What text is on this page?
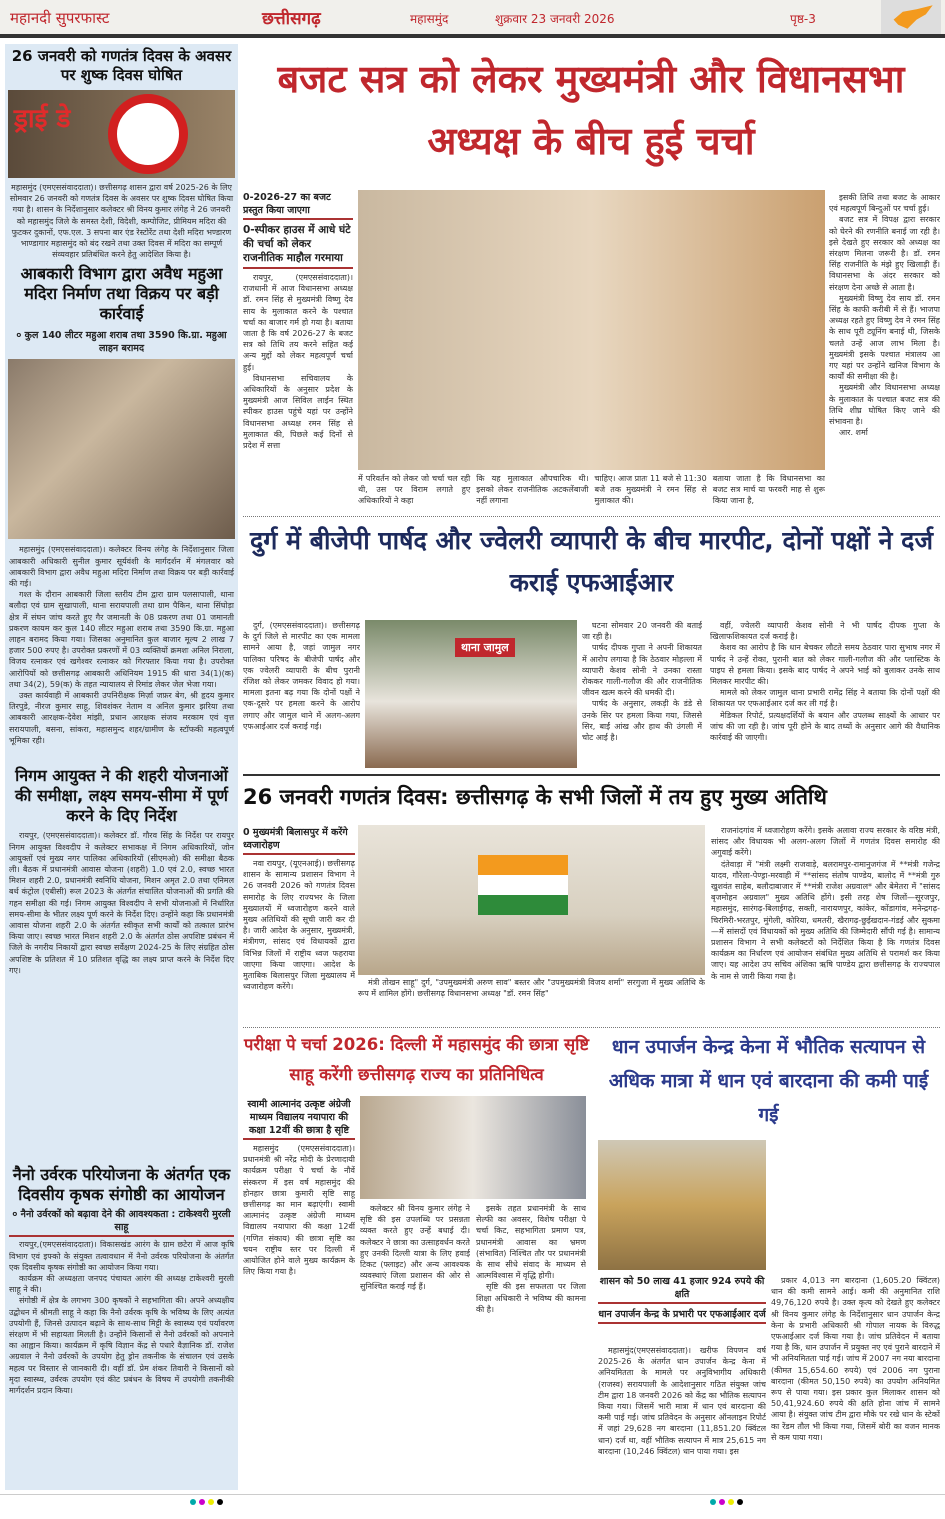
महानदी सुपरफास्ट	छत्तीसगढ़	महासमुंद	शुक्रवार 23 जनवरी 2026	पृष्ठ-3
26 जनवरी को गणतंत्र दिवस के अवसर पर शुष्क दिवस घोषित
ड्राई डे
महासमुंद (एमएससंवाददाता)। छत्तीसगढ़ शासन द्वारा वर्ष 2025-26 के लिए सोमवार 26 जनवरी को गणतंत्र दिवस के अवसर पर शुष्क दिवस घोषित किया गया है। शासन के निर्देशानुसार कलेक्टर श्री विनय कुमार लंगेह ने 26 जनवरी को महासमुंद जिले के समस्त देशी, विदेशी, कम्पोजिट, प्रीमियम मदिरा की फुटकर दुकानों, एफ.एल. 3 सपना बार एंड रेस्टोरेंट तथा देशी मदिरा भण्डारण भाण्डागार महासमुंद को बंद रखने तथा उक्त दिवस में मदिरा का सम्पूर्ण संव्यवहार प्रतिबंधित करने हेतु आदेशित किया है।
आबकारी विभाग द्वारा अवैध महुआ मदिरा निर्माण तथा विक्रय पर बड़ी कार्रवाई
० कुल 140 लीटर महुआ शराब तथा 3590 कि.ग्रा. महुआ लाहन बरामद

महासमुंद (एमएससंवाददाता)। कलेक्टर विनय लंगेह के निर्देशानुसार जिला आबकारी अधिकारी सुनील कुमार सूर्यवंशी के मार्गदर्शन में मंगलवार को आबकारी विभाग द्वारा अवैध महुआ मदिरा निर्माण तथा विक्रय पर बड़ी कार्रवाई की गई।

गश्त के दौरान आबकारी जिला स्तरीय टीम द्वारा ग्राम पलसापाली, थाना बलौदा एवं ग्राम सुखापाली, थाना सरायपाली तथा ग्राम पैकिन, थाना सिंघोड़ा क्षेत्र में संघन जांच करते हुए गैर जमानती के 08 प्रकरण तथा 01 जमानती प्रकरण कायम कर कुल 140 लीटर महुआ शराब तथा 3590 कि.ग्रा. महुआ लाहन बरामद किया गया। जिसका अनुमानित कुल बाजार मूल्य 2 लाख 7 हजार 500 रुपए है। उपरोक्त प्रकरणों में 03 व्यक्तियों क्रमशः अनिल निराला, विजय रत्नाकर एवं खगेश्वर रत्नाकर को गिरफ्तार किया गया है। उपरोक्त आरोपियों को छत्तीसगढ़ आबकारी अधिनियम 1915 की धारा 34(1)(क) तथा 34(2), 59(क) के तहत न्यायालय से रिमांड लेकर जेल भेजा गया।

उक्त कार्यवाही में आबकारी उपनिरीक्षक मिर्ज़ा जफ़र बेग, श्री हृदय कुमार तिरपुडे, नीरज कुमार साहू, शिवशंकर नेताम व अनिल कुमार झरिया तथा आबकारी आरक्षक-देवेश मांझी, प्रधान आरक्षक संजय मरकाम एवं वृत्त सरायपाली, बसना, सांकरा, महासमुन्द शहर/ग्रामीण के स्टॉफकी महत्वपूर्ण भूमिका रही।

निगम आयुक्त ने की शहरी योजनाओं की समीक्षा, लक्ष्य समय-सीमा में पूर्ण करने के दिए निर्देश

रायपुर, (एमएससंवाददाता)। कलेक्टर डॉ. गौरव सिंह के निर्देश पर रायपुर निगम आयुक्त विश्वदीप ने कलेक्टर सभाकक्ष में निगम अधिकारियों, जोन आयुक्तों एवं मुख्य नगर पालिका अधिकारियों (सीएमओ) की समीक्षा बैठक ली। बैठक में प्रधानमंत्री आवास योजना (शहरी) 1.0 एवं 2.0, स्वच्छ भारत मिशन शहरी 2.0, प्रधानमंत्री स्वनिधि योजना, मिशन अमृत 2.0 तथा एनिमल बर्थ कंट्रोल (एबीसी) रूल 2023 के अंतर्गत संचालित योजनाओं की प्रगति की गहन समीक्षा की गई। निगम आयुक्त विश्वदीप ने सभी योजनाओं में निर्धारित समय-सीमा के भीतर लक्ष्य पूर्ण करने के निर्देश दिए। उन्होंने कहा कि प्रधानमंत्री आवास योजना शहरी 2.0 के अंतर्गत स्वीकृत सभी कार्यों को तत्काल प्रारंभ किया जाए। स्वच्छ भारत मिशन शहरी 2.0 के अंतर्गत ठोस अपशिष्ट प्रबंधन में जिले के नगरीय निकायों द्वारा स्वच्छ सर्वेक्षण 2024-25 के लिए संग्रहित ठोस अपशिष्ट के प्रतिशत में 10 प्रतिशत वृद्धि का लक्ष्य प्राप्त करने के निर्देश दिए गए।

नैनो उर्वरक परियोजना के अंतर्गत एक दिवसीय कृषक संगोष्ठी का आयोजन
० नैनो उर्वरकों को बढ़ावा देने की आवश्यकता : टाकेश्वरी मुरली साहू

रायपुर,(एमएससंवाददाता)। विकासखंड आरंग के ग्राम छटेरा में आज कृषि विभाग एवं इफ्को के संयुक्त तत्वावधान में नैनो उर्वरक परियोजना के अंतर्गत एक दिवसीय कृषक संगोष्ठी का आयोजन किया गया।

कार्यक्रम की अध्यक्षता जनपद पंचायत आरंग की अध्यक्ष टाकेश्वरी मुरली साहू ने की।

संगोष्ठी में क्षेत्र के लगभग 300 कृषकों ने सहभागिता की। अपने अध्यक्षीय उद्बोधन में श्रीमती साहू ने कहा कि नैनो उर्वरक कृषि के भविष्य के लिए अत्यंत उपयोगी हैं, जिनसे उत्पादन बढ़ाने के साथ-साथ मिट्टी के स्वास्थ्य एवं पर्यावरण संरक्षण में भी सहायता मिलती है। उन्होंने किसानों से नैनो उर्वरकों को अपनाने का आह्वान किया। कार्यक्रम में कृषि विज्ञान केंद्र से पधारे वैज्ञानिक डॉ. राजेश अग्रवाल ने नैनो उर्वरकों के उपयोग हेतु ड्रोन तकनीक के संचालन एवं उसके महत्व पर विस्तार से जानकारी दी। वहीं डॉ. प्रेम शंकर तिवारी ने किसानों को मृदा स्वास्थ्य, उर्वरक उपयोग एवं कीट प्रबंधन के विषय में उपयोगी तकनीकी मार्गदर्शन प्रदान किया।

बजट सत्र को लेकर मुख्यमंत्री और विधानसभा अध्यक्ष के बीच हुई चर्चा
0-2026-27 का बजट प्रस्तुत किया जाएगा
0-स्पीकर हाउस में आधे घंटे की चर्चा को लेकर राजनीतिक माहौल गरमाया

रायपुर, (एमएससंवाददाता)। राजधानी में आज विधानसभा अध्यक्ष डॉ. रमन सिंह से मुख्यमंत्री विष्णु देव साय के मुलाकात करने के पश्चात चर्चा का बाजार गर्म हो गया है। बताया जाता है कि वर्ष 2026-27 के बजट सत्र को तिथि तय करने सहित कई अन्य मुद्दों को लेकर महत्वपूर्ण चर्चा हुई।

विधानसभा सचिवालय के अधिकारियों के अनुसार प्रदेश के मुख्यमंत्री आज सिविल लाईन स्थित स्पीकर हाउस पहुंचे यहां पर उन्होंने विधानसभा अध्यक्ष रमन सिंह से मुलाकात की, पिछले कई दिनों से प्रदेश में सत्ता

में परिवर्तन को लेकर जो चर्चा चल रही थी, उस पर विराम लगाते हुए अधिकारियों ने कहा
कि यह मुलाकात औपचारिक थी। इसको लेकर राजनीतिक अटकलेंबाजी नहीं लगाना
चाहिए। आज प्रातः 11 बजे से 11:30 बजे तक मुख्यमंत्री ने रमन सिंह से मुलाकात की।
बताया जाता है कि विधानसभा का बजट सत्र मार्च या फरवरी माह से शुरू किया जाना है,

इसकी तिथि तथा बजट के आकार एवं महत्वपूर्ण बिन्दुओं पर चर्चा हुई।

बजट सत्र में विपक्ष द्वारा सरकार को घेरने की रणनीति बनाई जा रही है। इसे देखते हुए सरकार को अध्यक्ष का संरक्षण मिलना जरूरी है। डॉ. रमन सिंह राजनीति के मंझे हुए खिलाड़ी हैं। विधानसभा के अंदर सरकार को संरक्षण देना अच्छे से आता है।

मुख्यमंत्री विष्णु देव साय डॉ. रमन सिंह के काफी करीबी में से हैं। भाजपा अध्यक्ष रहते हुए विष्णु देव ने रमन सिंह के साथ पूरी ट्यूनिंग बनाई थी, जिसके चलते उन्हें आज लाभ मिला है। मुख्यमंत्री इसके पश्चात मंत्रालय आ गए यहां पर उन्होंने खनिज विभाग के कार्यों की समीक्षा की है।

मुख्यमंत्री और विधानसभा अध्यक्ष के मुलाकात के पश्चात बजट सत्र की तिथि शीघ्र घोषित किए जाने की संभावना है।

आर. शर्मा

दुर्ग में बीजेपी पार्षद और ज्वेलरी व्यापारी के बीच मारपीट, दोनों पक्षों ने दर्ज कराई एफआईआर

दुर्ग, (एमएससंवाददाता)। छत्तीसगढ़ के दुर्ग जिले से मारपीट का एक मामला सामने आया है, जहां जामुल नगर पालिका परिषद के बीजेपी पार्षद और एक ज्वेलरी व्यापारी के बीच पुरानी रंजिश को लेकर जमकर विवाद हो गया। मामला इतना बढ़ गया कि दोनों पक्षों ने एक-दूसरे पर हमला करने के आरोप लगाए और जामुल थाने में अलग-अलग एफआईआर दर्ज कराई गई।

थाना जामुल

घटना सोमवार 20 जनवरी की बताई जा रही है।

पार्षद दीपक गुप्ता ने अपनी शिकायत में आरोप लगाया है कि ठेठवार मोहल्ला में व्यापारी केशव सोनी ने उनका रास्ता रोककर गाली-गलौज की और राजनीतिक जीवन खत्म करने की धमकी दी।

पार्षद के अनुसार, लकड़ी के डंडे से उनके सिर पर हमला किया गया, जिससे सिर, बाईं आंख और हाथ की उंगली में चोट आई है।

वहीं, ज्वेलरी व्यापारी केशव सोनी ने भी पार्षद दीपक गुप्ता के खिलाफशिकायत दर्ज कराई है।

केशव का आरोप है कि धान बेचकर लौटते समय ठेठवार पारा सुभाष नगर में पार्षद ने उन्हें रोका, पुरानी बात को लेकर गाली-गलौज की और प्लास्टिक के पाइप से हमला किया। इसके बाद पार्षद ने अपने भाई को बुलाकर उनके साथ मिलकर मारपीट की।

मामले को लेकर जामुल थाना प्रभारी रामेंद्र सिंह ने बताया कि दोनों पक्षों की शिकायत पर एफआईआर दर्ज कर ली गई है।

मेडिकल रिपोर्ट, प्रत्यक्षदर्शियों के बयान और उपलब्ध साक्ष्यों के आधार पर जांच की जा रही है। जांच पूरी होने के बाद तथ्यों के अनुसार आगे की वैधानिक कार्रवाई की जाएगी।

26 जनवरी गणतंत्र दिवस: छत्तीसगढ़ के सभी जिलों में तय हुए मुख्य अतिथि
0 मुख्यमंत्री बिलासपुर में करेंगे ध्वजारोहण

नवा रायपुर, (यूएनआई)। छत्तीसगढ़ शासन के सामान्य प्रशासन विभाग ने 26 जनवरी 2026 को गणतंत्र दिवस समारोह के लिए राज्यभर के जिला मुख्यालयों में ध्वजारोहण करने वाले मुख्य अतिथियों की सूची जारी कर दी है। जारी आदेश के अनुसार, मुख्यमंत्री, मंत्रीगण, सांसद एवं विधायकों द्वारा विभिन्न जिलों में राष्ट्रीय ध्वज फहराया जाएगा किया जाएगा। आदेश के मुताबिक बिलासपुर जिला मुख्यालय में ध्वजारोहण करेंगे।	मंत्री तोखन साहू" दुर्ग, "उपमुख्यमंत्री अरुण साव" बस्तर और "उपमुख्यमंत्री विजय शर्मा" सरगुजा में मुख्य अतिथि के रूप में शामिल होंगे। छत्तीसगढ़ विधानसभा अध्यक्ष "डॉ. रमन सिंह"

राजनांदगांव में ध्वजारोहण करेंगे। इसके अलावा राज्य सरकार के वरिष्ठ मंत्री, सांसद और विधायक भी अलग-अलग जिलों में गणतंत्र दिवस समारोह की अगुवाई करेंगे।

दंतेवाड़ा में "मंत्री लक्ष्मी राजवाड़े, बलरामपुर-रामानुजगंज में **मंत्री गजेन्द्र यादव, गौरेला-पेण्ड्रा-मरवाही में **सांसद संतोष पाण्डेय, बालोद में **मंत्री गुरु खुशवंत साहेब, बलौदाबाजार में **मंत्री राजेश अग्रवाल* और बेमेतरा में "सांसद बृजमोहन अग्रवाल" मुख्य अतिथि होंगे। इसी तरह शेष जिलों—सूरजपुर, महासमुंद, सारंगढ़-बिलाईगढ़, सक्ती, नारायणपुर, कांकेर, कोंडागांव, मनेन्द्रगढ़-चिरमिरी-भरतपुर, मुंगेली, कोरिया, धमतरी, खैरागढ़-छुईखदान-गंडई और सुकमा—में सांसदों एवं विधायकों को मुख्य अतिथि की जिम्मेदारी सौंपी गई है। सामान्य प्रशासन विभाग ने सभी कलेक्टरों को निर्देशित किया है कि गणतंत्र दिवस कार्यक्रम का निर्धारण एवं आयोजन संबंधित मुख्य अतिथि से परामर्श कर किया जाए। यह आदेश उप सचिव अंशिका ऋषि पाण्डेय द्वारा छत्तीसगढ़ के राज्यपाल के नाम से जारी किया गया है।

परीक्षा पे चर्चा 2026: दिल्ली में महासमुंद की छात्रा सृष्टि साहू करेंगी छत्तीसगढ़ राज्य का प्रतिनिधित्व
स्वामी आत्मानंद उत्कृष्ट अंग्रेजी माध्यम विद्यालय नयापारा की कक्षा 12वीं की छात्रा है सृष्टि

महासमुंद (एमएससंवाददाता)। प्रधानमंत्री श्री नरेंद्र मोदी के प्रेरणादायी कार्यक्रम परीक्षा पे चर्चा के नौवें संस्करण में इस वर्ष महासमुंद की होनहार छात्रा कुमारी सृष्टि साहू छत्तीसगढ़ का मान बढ़ाएंगी। स्वामी आत्मानंद उत्कृष्ट अंग्रेजी माध्यम विद्यालय नयापारा की कक्षा 12वीं (गणित संकाय) की छात्रा सृष्टि का चयन राष्ट्रीय स्तर पर दिल्ली में आयोजित होने वाले मुख्य कार्यक्रम के लिए किया गया है।

कलेक्टर श्री विनय कुमार लंगेह ने सृष्टि की इस उपलब्धि पर प्रसन्नता व्यक्त करते हुए उन्हें बधाई दी। कलेक्टर ने छात्रा का उत्साहवर्धन करते हुए उनकी दिल्ली यात्रा के लिए हवाई टिकट (फ्लाइट) और अन्य आवश्यक व्यवस्थाएं जिला प्रशासन की ओर से सुनिश्चित कराई गई हैं।

इसके तहत प्रधानमंत्री के साथ सेल्फी का अवसर, विशेष परीक्षा पे चर्चा किट, सहभागिता प्रमाण पत्र, प्रधानमंत्री आवास का भ्रमण (संभावित) निश्चित तौर पर प्रधानमंत्री के साथ सीधे संवाद के माध्यम से आत्मविश्वास में वृद्धि होगी।

सृष्टि की इस सफलता पर जिला शिक्षा अधिकारी ने भविष्य की कामना की है।

धान उपार्जन केन्द्र केना में भौतिक सत्यापन से अधिक मात्रा में धान एवं बारदाना की कमी पाई गई
शासन को 50 लाख 41 हजार 924 रुपये की क्षति
धान उपार्जन केन्द्र के प्रभारी पर एफआईआर दर्ज

महासमुंद(एमएससंवाददाता)। खरीफ विपणन वर्ष 2025-26 के अंतर्गत धान उपार्जन केन्द्र केना में अनियमितता के मामले पर अनुविभागीय अधिकारी (राजस्व) सरायपाली के आदेशानुसार गठित संयुक्त जांच टीम द्वारा 18 जनवरी 2026 को केंद्र का भौतिक सत्यापन किया गया। जिसमें भारी मात्रा में धान एवं बारदाना की कमी पाई गई। जांच प्रतिवेदन के अनुसार ऑनलाइन रिपोर्ट में जहां 29,628 नग बारदाना (11,851.20 क्विंटल धान) दर्ज था, वहीं भौतिक सत्यापन में मात्र 25,615 नग बारदाना (10,246 क्विंटल) धान पाया गया। इस

प्रकार 4,013 नग बारदाना (1,605.20 क्विंटल) धान की कमी सामने आई। कमी की अनुमानित राशि 49,76,120 रुपये है। उक्त कृत्य को देखते हुए कलेक्टर श्री विनय कुमार लंगेह के निर्देशानुसार धान उपार्जन केन्द्र केना के प्रभारी अधिकारी श्री गोपाल नायक के विरुद्ध एफआईआर दर्ज किया गया है। जांच प्रतिवेदन में बताया गया है कि, धान उपार्जन में प्रयुक्त नए एवं पुराने बारदाने में भी अनियमितता पाई गई। जांच में 2007 नग नया बारदाना (कीमत 15,654.60 रुपये) एवं 2006 नग पुराना बारदाना (कीमत 50,150 रुपये) का उपयोग अनियमित रूप से पाया गया। इस प्रकार कुल मिलाकर शासन को 50,41,924.60 रुपये की क्षति होना जांच में सामने आया है। संयुक्त जांच टीम द्वारा मौके पर रखे धान के स्टेकों का रेंडम तौल भी किया गया, जिसमें बोरी का वजन मानक से कम पाया गया।
